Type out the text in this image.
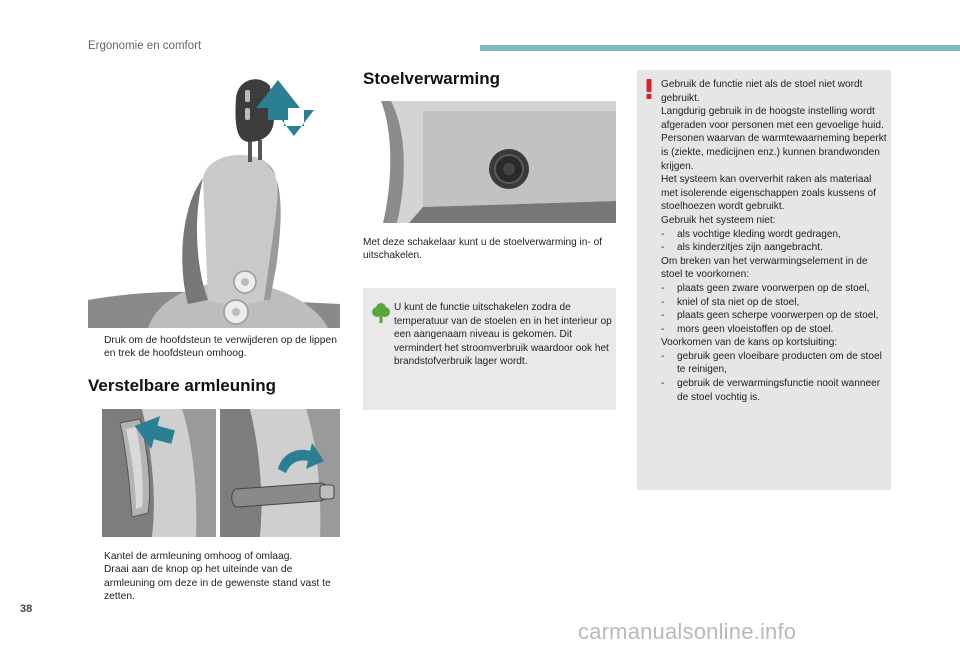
Ergonomie en comfort
Druk om de hoofdsteun te verwijderen op de lippen en trek de hoofdsteun omhoog.
Verstelbare armleuning
Kantel de armleuning omhoog of omlaag.
Draai aan de knop op het uiteinde van de armleuning om deze in de gewenste stand vast te zetten.
Stoelverwarming
Met deze schakelaar kunt u de stoelverwarming in- of uitschakelen.
U kunt de functie uitschakelen zodra de temperatuur van de stoelen en in het interieur op een aangenaam niveau is gekomen. Dit vermindert het stroomverbruik waardoor ook het brandstofverbruik lager wordt.
Gebruik de functie niet als de stoel niet wordt gebruikt.
Langdurig gebruik in de hoogste instelling wordt afgeraden voor personen met een gevoelige huid.
Personen waarvan de warmtewaarneming beperkt is (ziekte, medicijnen enz.) kunnen brandwonden krijgen.
Het systeem kan oververhit raken als materiaal met isolerende eigenschappen zoals kussens of stoelhoezen wordt gebruikt.
Gebruik het systeem niet:
-	als vochtige kleding wordt gedragen,
-	als kinderzitjes zijn aangebracht.
Om breken van het verwarmingselement in de stoel te voorkomen:
-	plaats geen zware voorwerpen op de stoel,
-	kniel of sta niet op de stoel,
-	plaats geen scherpe voorwerpen op de stoel,
-	mors geen vloeistoffen op de stoel.
Voorkomen van de kans op kortsluiting:
-	gebruik geen vloeibare producten om de stoel te reinigen,
-	gebruik de verwarmingsfunctie nooit wanneer de stoel vochtig is.
38
carmanualsonline.info
